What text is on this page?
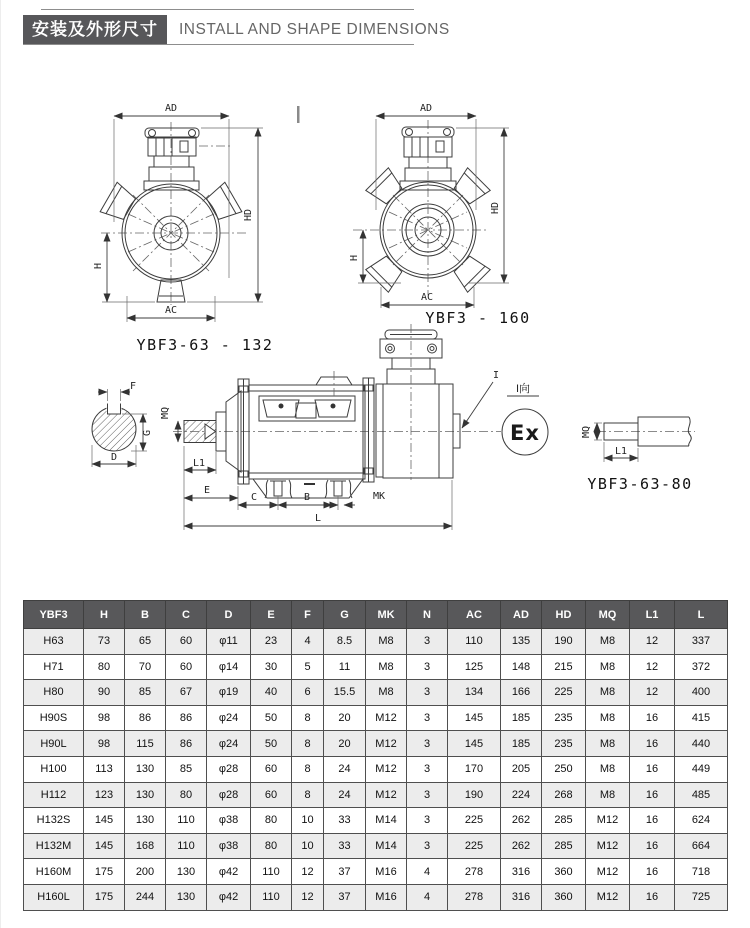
安装及外形尺寸	INSTALL AND SHAPE DIMENSIONS
AD
HD
H
AC
YBF3-63 - 132
AD
HD
H
AC
YBF3 - 160
MQ
L1
E
C	B	MK
L
F
G
D
I
I向
Ex	MQ
L1
YBF3-63-80
YBF3	H	B	C	D	E	F	G	MK	N	AC	AD	HD	MQ	L1	L
H63	73	65	60	φ11	23	4	8.5	M8	3	110	135	190	M8	12	337
H71	80	70	60	φ14	30	5	11	M8	3	125	148	215	M8	12	372
H80	90	85	67	φ19	40	6	15.5	M8	3	134	166	225	M8	12	400
H90S	98	86	86	φ24	50	8	20	M12	3	145	185	235	M8	16	415
H90L	98	115	86	φ24	50	8	20	M12	3	145	185	235	M8	16	440
H100	113	130	85	φ28	60	8	24	M12	3	170	205	250	M8	16	449
H112	123	130	80	φ28	60	8	24	M12	3	190	224	268	M8	16	485
H132S	145	130	110	φ38	80	10	33	M14	3	225	262	285	M12	16	624
H132M	145	168	110	φ38	80	10	33	M14	3	225	262	285	M12	16	664
H160M	175	200	130	φ42	110	12	37	M16	4	278	316	360	M12	16	718
H160L	175	244	130	φ42	110	12	37	M16	4	278	316	360	M12	16	725
